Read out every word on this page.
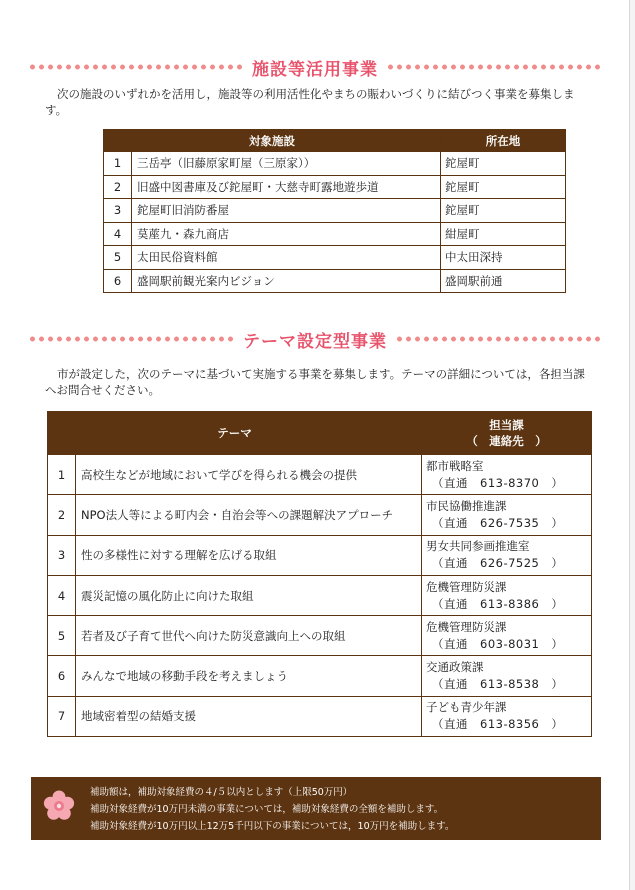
施設等活用事業
次の施設のいずれかを活用し，施設等の利用活性化やまちの賑わいづくりに結びつく事業を募集します。
対象施設		所在地
1	三岳亭（旧藤原家町屋（三原家））	鉈屋町
2	旧盛中図書庫及び鉈屋町・大慈寺町露地遊歩道	鉈屋町
3	鉈屋町旧消防番屋	鉈屋町
4	茣蓙九・森九商店	紺屋町
5	太田民俗資料館	中太田深持
6	盛岡駅前観光案内ビジョン	盛岡駅前通
テーマ設定型事業
市が設定した，次のテーマに基づいて実施する事業を募集します。テーマの詳細については，各担当課へお問合せください。
テーマ		担当課
（　連絡先　）

1	高校生などが地域において学びを得られる機会の提供	都市戦略室
（直通　613-8370　）

2	NPO法人等による町内会・自治会等への課題解決アプローチ	市民協働推進課
（直通　626-7535　）

3	性の多様性に対する理解を広げる取組	男女共同参画推進室
（直通　626-7525　）

4	震災記憶の風化防止に向けた取組	危機管理防災課
（直通　613-8386　）

5	若者及び子育て世代へ向けた防災意識向上への取組	危機管理防災課
（直通　603-8031　）

6	みんなで地域の移動手段を考えましょう	交通政策課
（直通　613-8538　）

7	地域密着型の結婚支援	子ども青少年課
（直通　613-8356　）
補助額は，補助対象経費の４/５以内とします（上限50万円）
補助対象経費が10万円未満の事業については，補助対象経費の全額を補助します。
補助対象経費が10万円以上12万5千円以下の事業については，10万円を補助します。
